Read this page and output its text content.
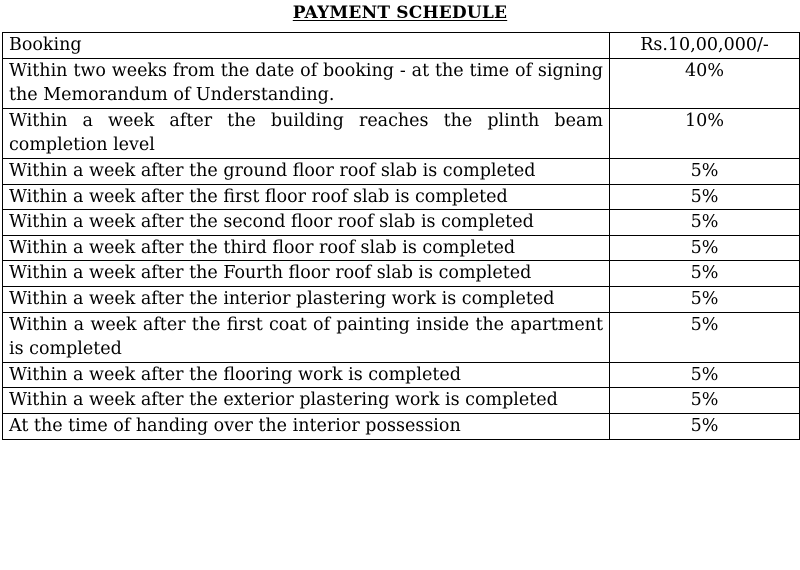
PAYMENT SCHEDULE
Booking	Rs.10,00,000/-
Within two weeks from the date of booking - at the time of signing the Memorandum of Understanding.	40%
Within a week after the building reaches the plinth beam completion level	10%
Within a week after the ground floor roof slab is completed	5%
Within a week after the first floor roof slab is completed	5%
Within a week after the second floor roof slab is completed	5%
Within a week after the third floor roof slab is completed	5%
Within a week after the Fourth floor roof slab is completed	5%
Within a week after the interior plastering work is completed	5%
Within a week after the first coat of painting inside the apartment is completed	5%
Within a week after the flooring work is completed	5%
Within a week after the exterior plastering work is completed	5%
At the time of handing over the interior possession	5%
